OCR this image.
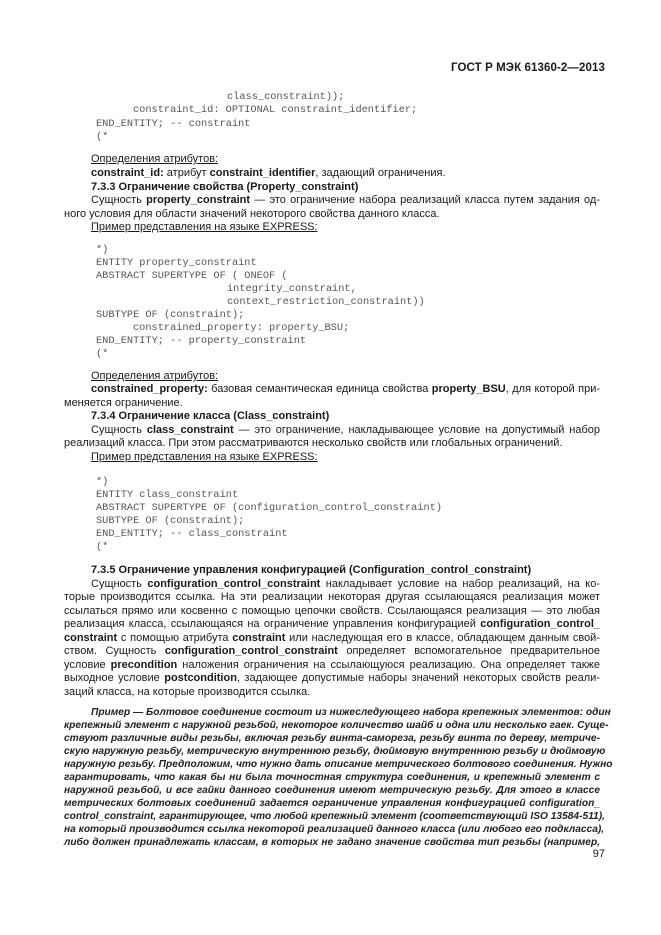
ГОСТ Р МЭК 61360-2—2013
class_constraint));
constraint_id: OPTIONAL constraint_identifier;
END_ENTITY; -- constraint
(*
Определения атрибутов:
constraint_id: атрибут constraint_identifier, задающий ограничения.
7.3.3 Ограничение свойства (Property_constraint)
Сущность property_constraint — это ограничение набора реализаций класса путем задания од-
ного условия для области значений некоторого свойства данного класса.
Пример представления на языке EXPRESS:
*)
ENTITY property_constraint
ABSTRACT SUPERTYPE OF ( ONEOF (
integrity_constraint,
context_restriction_constraint))
SUBTYPE OF (constraint);
constrained_property: property_BSU;
END_ENTITY; -- property_constraint
(*
Определения атрибутов:
constrained_property: базовая семантическая единица свойства property_BSU, для которой при-
меняется ограничение.
7.3.4 Ограничение класса (Class_constraint)
Сущность class_constraint — это ограничение, накладывающее условие на допустимый набор
реализаций класса. При этом рассматриваются несколько свойств или глобальных ограничений.
Пример представления на языке EXPRESS:
*)
ENTITY class_constraint
ABSTRACT SUPERTYPE OF (configuration_control_constraint)
SUBTYPE OF (constraint);
END_ENTITY; -- class_constraint
(*
7.3.5 Ограничение управления конфигурацией (Configuration_control_constraint)
Сущность configuration_control_constraint накладывает условие на набор реализаций, на ко-
торые производится ссылка. На эти реализации некоторая другая ссылающаяся реализация может
ссылаться прямо или косвенно с помощью цепочки свойств. Ссылающаяся реализация — это любая
реализация класса, ссылающаяся на ограничение управления конфигурацией configuration_control_
constraint с помощью атрибута constraint или наследующая его в классе, обладающем данным свой-
ством. Сущность configuration_control_constraint определяет вспомогательное предварительное
условие precondition наложения ограничения на ссылающуюся реализацию. Она определяет также
выходное условие postcondition, задающее допустимые наборы значений некоторых свойств реали-
заций класса, на которые производится ссылка.
Пример — Болтовое соединение состоит из нижеследующего набора крепежных элементов: один
крепежный элемент с наружной резьбой, некоторое количество шайб и одна или несколько гаек. Суще-
ствуют различные виды резьбы, включая резьбу винта-самореза, резьбу винта по дереву, метриче-
скую наружную резьбу, метрическую внутреннюю резьбу, дюймовую внутреннюю резьбу и дюймовую
наружную резьбу. Предположим, что нужно дать описание метрического болтового соединения. Нужно
гарантировать, что какая бы ни была точностная структура соединения, и крепежный элемент с
наружной резьбой, и все гайки данного соединения имеют метрическую резьбу. Для этого в классе
метрических болтовых соединений задается ограничение управления конфигурацией configuration_
control_constraint, гарантирующее, что любой крепежный элемент (соответствующий ISO 13584-511),
на который производится ссылка некоторой реализацией данного класса (или любого его подкласса),
либо должен принадлежать классам, в которых не задано значение свойства тип резьбы (например,
97
